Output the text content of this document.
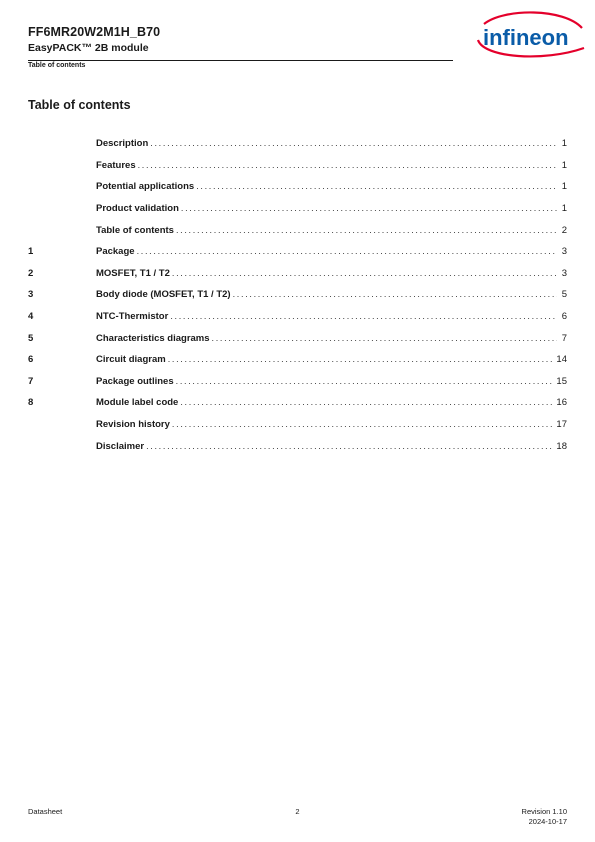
FF6MR20W2M1H_B70
EasyPACK™ 2B module
Table of contents
infineon
Table of contents
Description . . .	1
Features . . .	1
Potential applications . . .	1
Product validation . . .	1
Table of contents . . .	2
1	Package . . .	3
2	MOSFET, T1 / T2 . . .	3
3	Body diode (MOSFET, T1 / T2) . . .	5
4	NTC-Thermistor . . .	6
5	Characteristics diagrams . . .	7
6	Circuit diagram . . .	14
7	Package outlines . . .	15
8	Module label code . . .	16
Revision history . . .	17
Disclaimer . . .	18
Datasheet	2	Revision 1.10
2024-10-17
